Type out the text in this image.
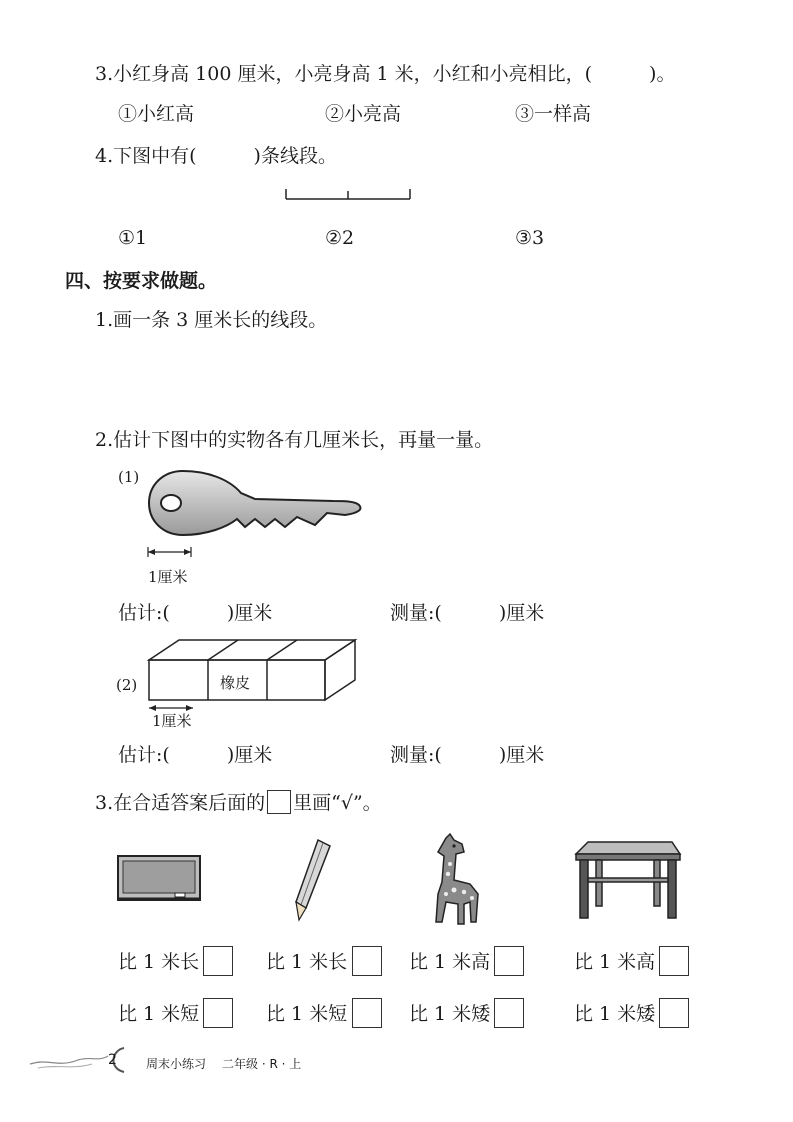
3.小红身高 100 厘米，小亮身高 1 米，小红和小亮相比，(　　　)。
①小红高	②小亮高	③一样高
4.下图中有(　　　)条线段。
①1	②2	③3
四、按要求做题。
1.画一条 3 厘米长的线段。
2.估计下图中的实物各有几厘米长，再量一量。
(1)
1厘米
估计:(　　　)厘米	测量:(　　　)厘米
(2)	橡皮
1厘米
估计:(　　　)厘米	测量:(　　　)厘米
3.在合适答案后面的 里画“√”。
比 1 米长	比 1 米长	比 1 米高	比 1 米高
比 1 米短	比 1 米短	比 1 米矮	比 1 米矮
2 周末小练习 二年级 · R · 上
